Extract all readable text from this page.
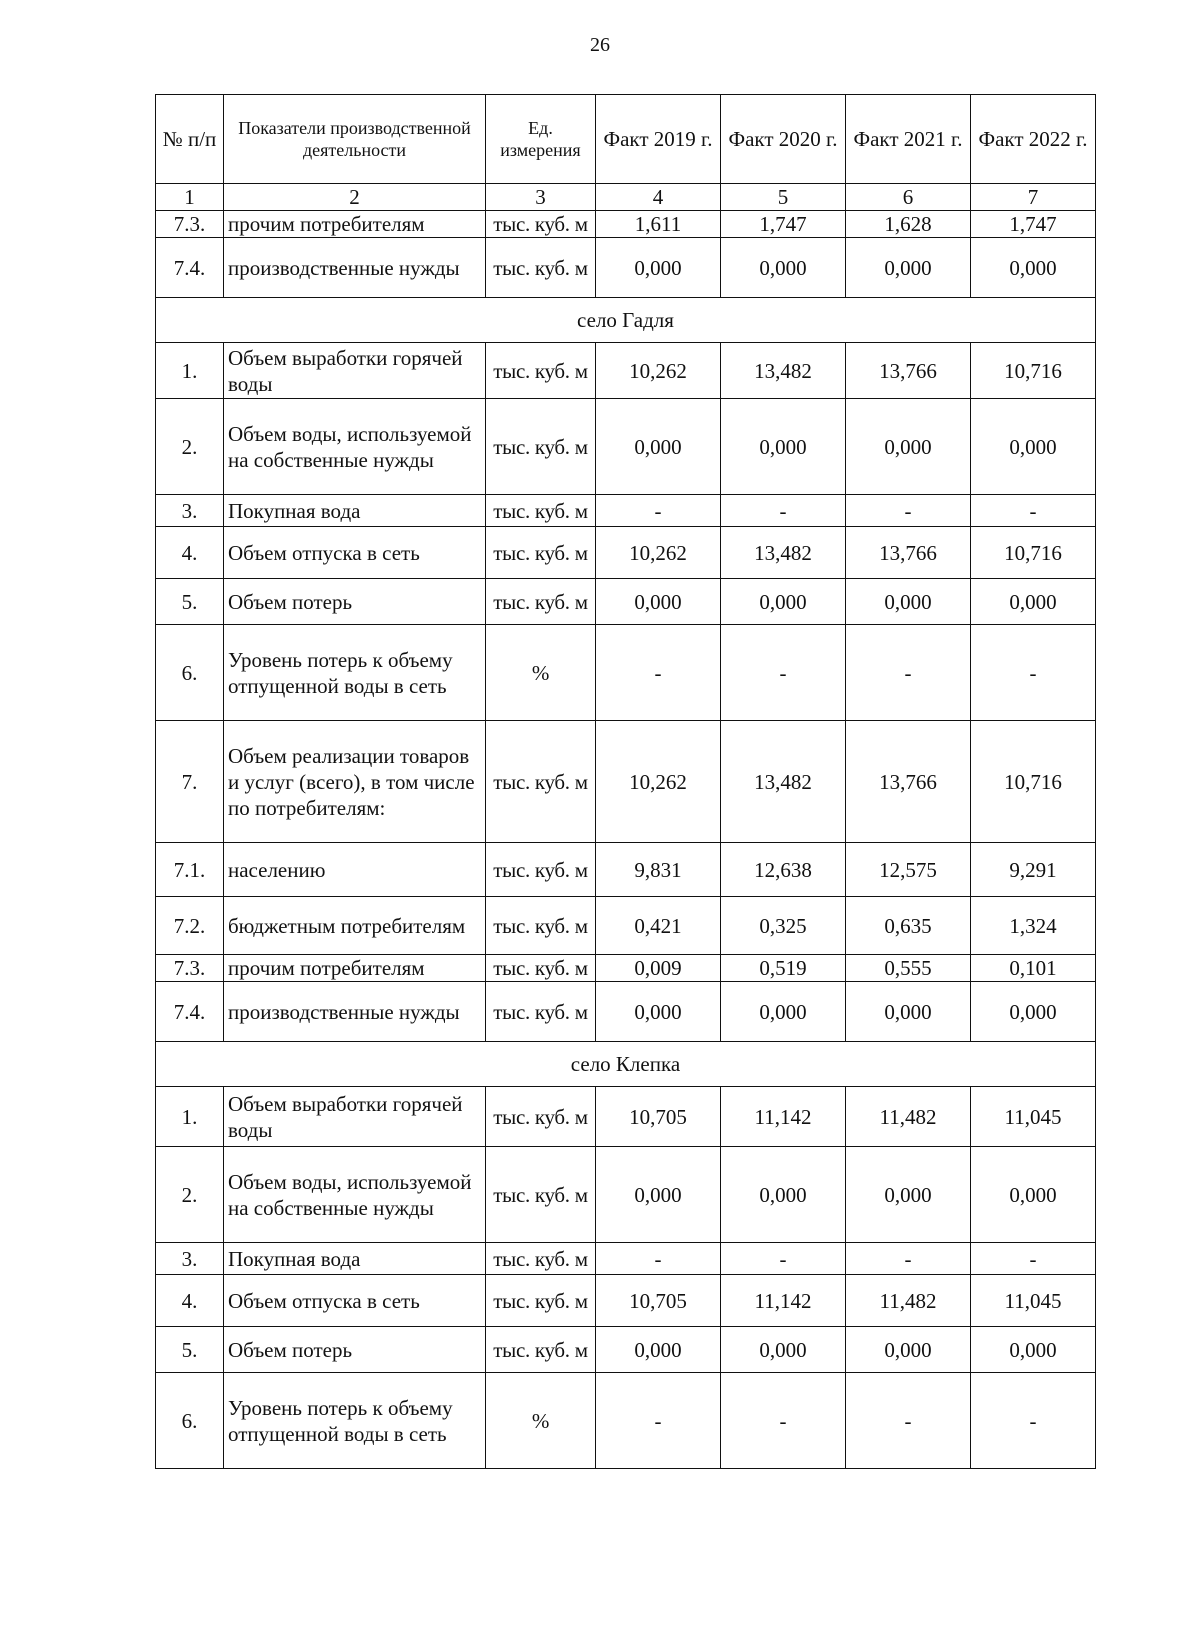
26
№ п/п	Показатели производственной деятельности	Ед. измерения	Факт 2019 г.	Факт 2020 г.	Факт 2021 г.	Факт 2022 г.
1	2	3	4	5	6	7
7.3.	прочим потребителям	тыс. куб. м	1,611	1,747	1,628	1,747
7.4.	производственные нужды	тыс. куб. м	0,000	0,000	0,000	0,000
село Гадля						
1.	Объем выработки горячей воды	тыс. куб. м	10,262	13,482	13,766	10,716
2.	Объем воды, используемой на собственные нужды	тыс. куб. м	0,000	0,000	0,000	0,000
3.	Покупная вода	тыс. куб. м	-	-	-	-
4.	Объем отпуска в сеть	тыс. куб. м	10,262	13,482	13,766	10,716
5.	Объем потерь	тыс. куб. м	0,000	0,000	0,000	0,000
6.	Уровень потерь к объему отпущенной воды в сеть	%	-	-	-	-
7.	Объем реализации товаров и услуг (всего), в том числе по потребителям:	тыс. куб. м	10,262	13,482	13,766	10,716
7.1.	населению	тыс. куб. м	9,831	12,638	12,575	9,291
7.2.	бюджетным потребителям	тыс. куб. м	0,421	0,325	0,635	1,324
7.3.	прочим потребителям	тыс. куб. м	0,009	0,519	0,555	0,101
7.4.	производственные нужды	тыс. куб. м	0,000	0,000	0,000	0,000
село Клепка						
1.	Объем выработки горячей воды	тыс. куб. м	10,705	11,142	11,482	11,045
2.	Объем воды, используемой на собственные нужды	тыс. куб. м	0,000	0,000	0,000	0,000
3.	Покупная вода	тыс. куб. м	-	-	-	-
4.	Объем отпуска в сеть	тыс. куб. м	10,705	11,142	11,482	11,045
5.	Объем потерь	тыс. куб. м	0,000	0,000	0,000	0,000
6.	Уровень потерь к объему отпущенной воды в сеть	%	-	-	-	-
